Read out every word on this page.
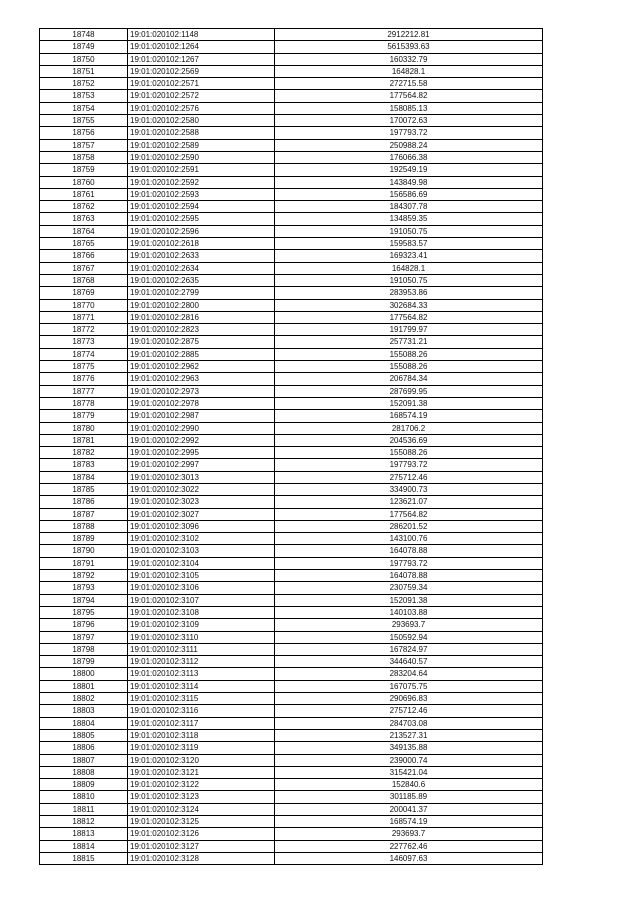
18748	19:01:020102:1148	2912212.81
18749	19:01:020102:1264	5615393.63
18750	19:01:020102:1267	160332.79
18751	19:01:020102:2569	164828.1
18752	19:01:020102:2571	272715.58
18753	19:01:020102:2572	177564.82
18754	19:01:020102:2576	158085.13
18755	19:01:020102:2580	170072.63
18756	19:01:020102:2588	197793.72
18757	19:01:020102:2589	250988.24
18758	19:01:020102:2590	176066.38
18759	19:01:020102:2591	192549.19
18760	19:01:020102:2592	143849.98
18761	19:01:020102:2593	156586.69
18762	19:01:020102:2594	184307.78
18763	19:01:020102:2595	134859.35
18764	19:01:020102:2596	191050.75
18765	19:01:020102:2618	159583.57
18766	19:01:020102:2633	169323.41
18767	19:01:020102:2634	164828.1
18768	19:01:020102:2635	191050.75
18769	19:01:020102:2799	283953.86
18770	19:01:020102:2800	302684.33
18771	19:01:020102:2816	177564.82
18772	19:01:020102:2823	191799.97
18773	19:01:020102:2875	257731.21
18774	19:01:020102:2885	155088.26
18775	19:01:020102:2962	155088.26
18776	19:01:020102:2963	206784.34
18777	19:01:020102:2973	287699.95
18778	19:01:020102:2978	152091.38
18779	19:01:020102:2987	168574.19
18780	19:01:020102:2990	281706.2
18781	19:01:020102:2992	204536.69
18782	19:01:020102:2995	155088.26
18783	19:01:020102:2997	197793.72
18784	19:01:020102:3013	275712.46
18785	19:01:020102:3022	334900.73
18786	19:01:020102:3023	123621.07
18787	19:01:020102:3027	177564.82
18788	19:01:020102:3096	286201.52
18789	19:01:020102:3102	143100.76
18790	19:01:020102:3103	164078.88
18791	19:01:020102:3104	197793.72
18792	19:01:020102:3105	164078.88
18793	19:01:020102:3106	230759.34
18794	19:01:020102:3107	152091.38
18795	19:01:020102:3108	140103.88
18796	19:01:020102:3109	293693.7
18797	19:01:020102:3110	150592.94
18798	19:01:020102:3111	167824.97
18799	19:01:020102:3112	344640.57
18800	19:01:020102:3113	283204.64
18801	19:01:020102:3114	167075.75
18802	19:01:020102:3115	290696.83
18803	19:01:020102:3116	275712.46
18804	19:01:020102:3117	284703.08
18805	19:01:020102:3118	213527.31
18806	19:01:020102:3119	349135.88
18807	19:01:020102:3120	239000.74
18808	19:01:020102:3121	315421.04
18809	19:01:020102:3122	152840.6
18810	19:01:020102:3123	301185.89
18811	19:01:020102:3124	200041.37
18812	19:01:020102:3125	168574.19
18813	19:01:020102:3126	293693.7
18814	19:01:020102:3127	227762.46
18815	19:01:020102:3128	146097.63
